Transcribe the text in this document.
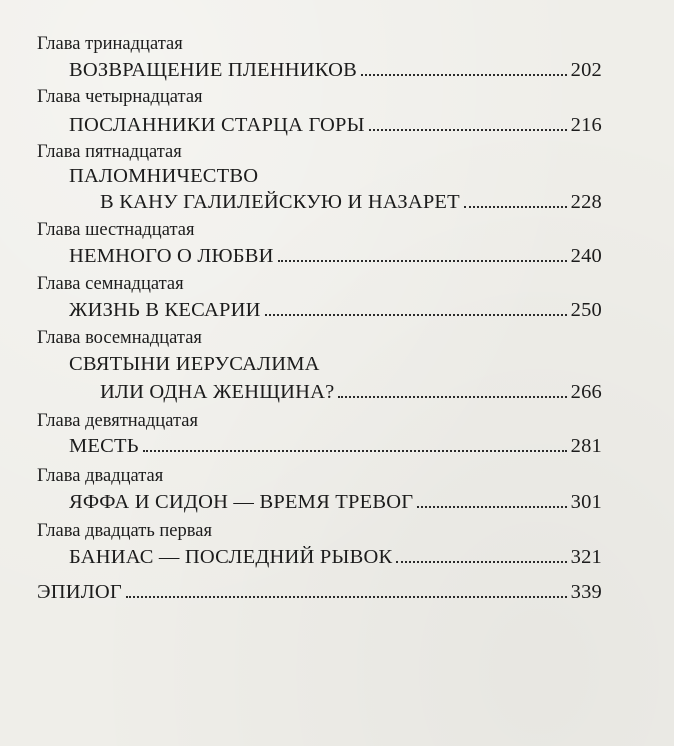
Глава тринадцатая
ВОЗВРАЩЕНИЕ ПЛЕННИКОВ	202
Глава четырнадцатая
ПОСЛАННИКИ СТАРЦА ГОРЫ	216
Глава пятнадцатая
ПАЛОМНИЧЕСТВО
В КАНУ ГАЛИЛЕЙСКУЮ И НАЗАРЕТ	228
Глава шестнадцатая
НЕМНОГО О ЛЮБВИ	240
Глава семнадцатая
ЖИЗНЬ В КЕСАРИИ	250
Глава восемнадцатая
СВЯТЫНИ ИЕРУСАЛИМА
ИЛИ ОДНА ЖЕНЩИНА?	266
Глава девятнадцатая
МЕСТЬ	281
Глава двадцатая
ЯФФА И СИДОН — ВРЕМЯ ТРЕВОГ	301
Глава двадцать первая
БАНИАС — ПОСЛЕДНИЙ РЫВОК	321
ЭПИЛОГ	339
